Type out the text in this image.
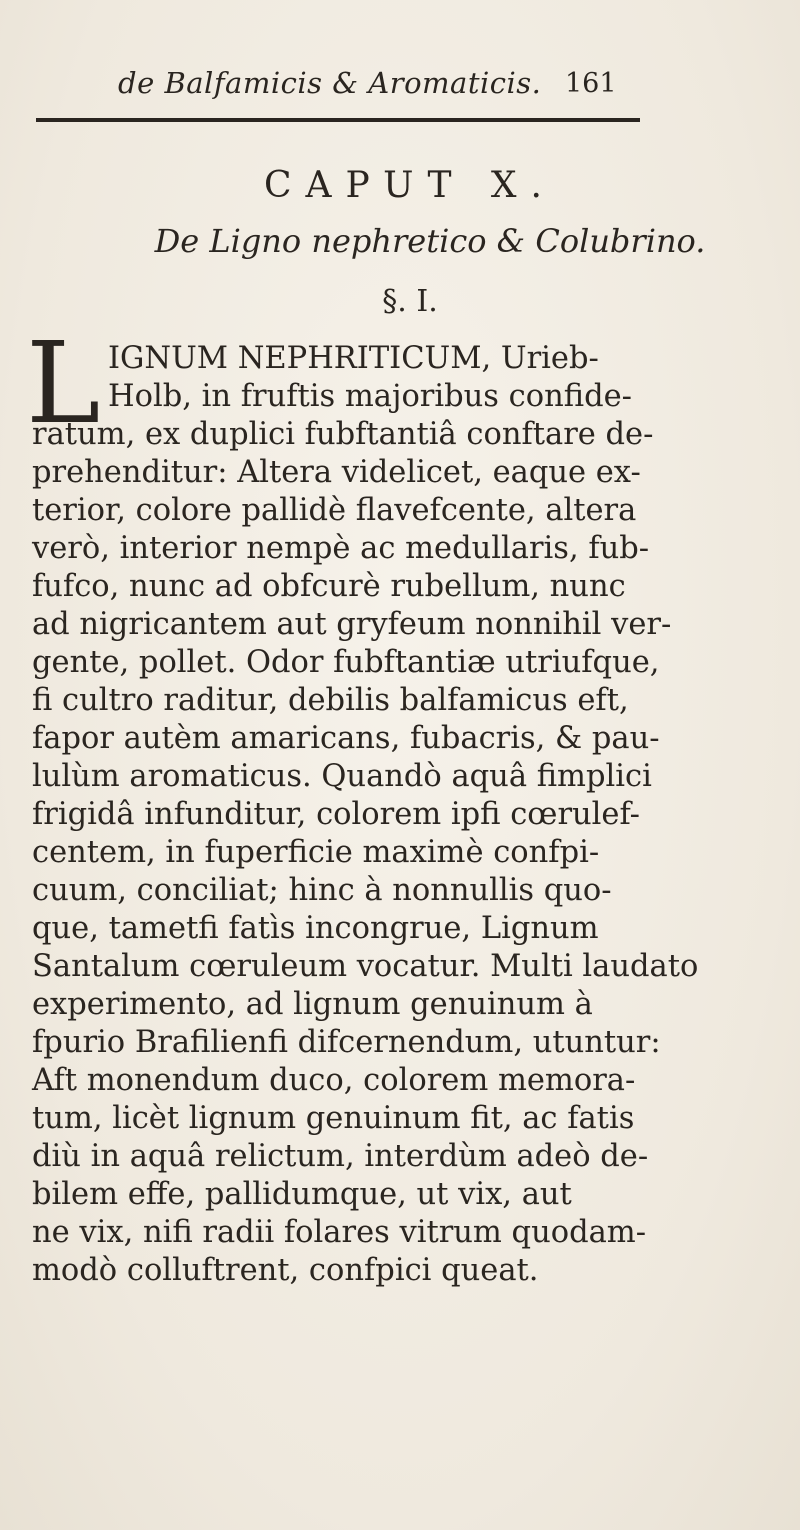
de Balfamicis & Aromaticis. 161
CAPUT X.
De Ligno nephretico & Colubrino.
§. I.
L IGNUM NEPHRITICUM, Urieb-
Holb, in fruftis majoribus confide-
ratum, ex duplici fubftantiâ conftare de-
prehenditur: Altera videlicet, eaque ex-
terior, colore pallidè flavefcente, altera
verò, interior nempè ac medullaris, fub-
fufco, nunc ad obfcurè rubellum, nunc
ad nigricantem aut gryfeum nonnihil ver-
gente, pollet. Odor fubftantiæ utriufque,
fi cultro raditur, debilis balfamicus eft,
fapor autèm amaricans, fubacris, & pau-
lulùm aromaticus. Quandò aquâ fimplici
frigidâ infunditur, colorem ipfi cœrulef-
centem, in fuperficie maximè confpi-
cuum, conciliat; hinc à nonnullis quo-
que, tametfi fatìs incongrue, Lignum
Santalum cœruleum vocatur. Multi laudato
experimento, ad lignum genuinum à
fpurio Brafilienfi difcernendum, utuntur:
Aft monendum duco, colorem memora-
tum, licèt lignum genuinum fit, ac fatis
diù in aquâ relictum, interdùm adeò de-
bilem effe, pallidumque, ut vix, aut
ne vix, nifi radii folares vitrum quodam-
modò colluftrent, confpici queat.
